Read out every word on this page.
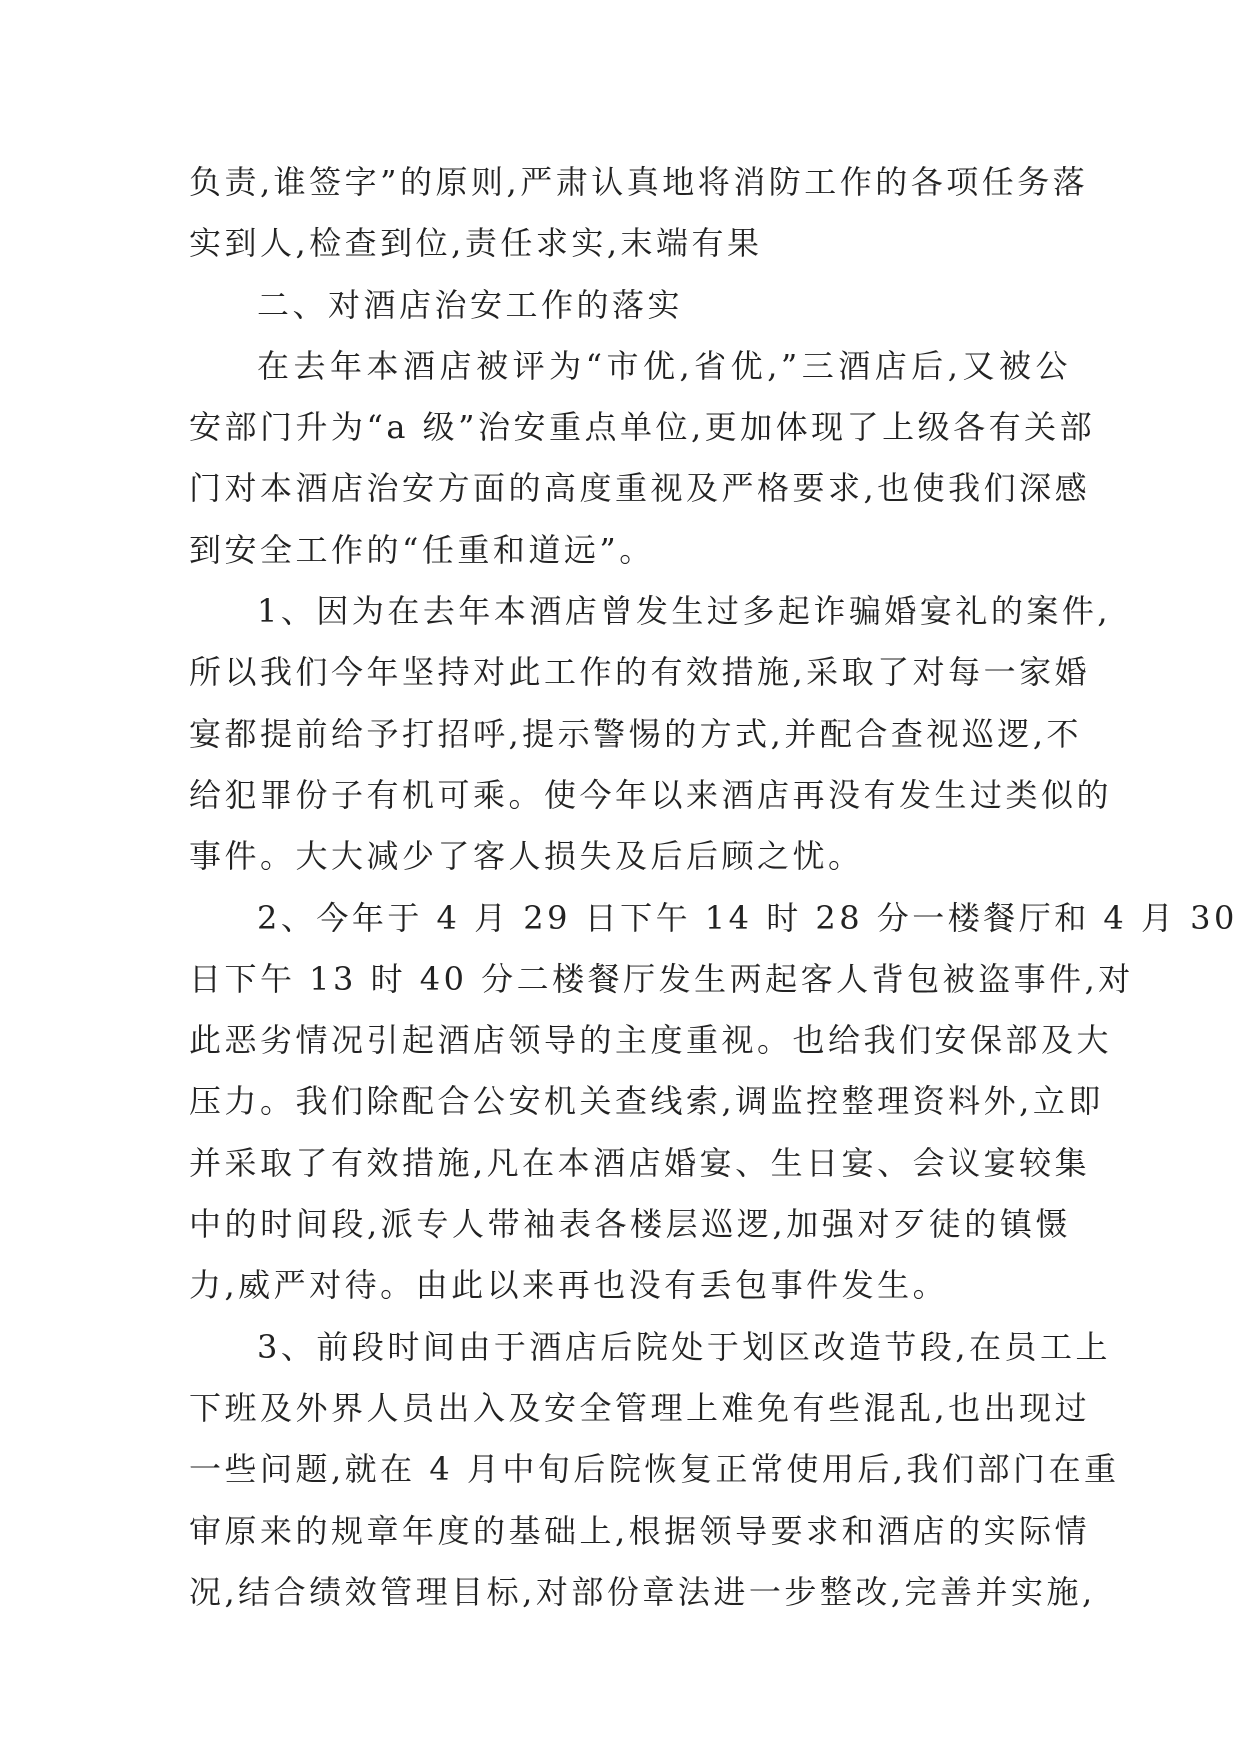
负责,谁签字”的原则,严肃认真地将消防工作的各项任务落
实到人,检查到位,责任求实,末端有果
二、对酒店治安工作的落实
在去年本酒店被评为“市优,省优,”三酒店后,又被公
安部门升为“a 级”治安重点单位,更加体现了上级各有关部
门对本酒店治安方面的高度重视及严格要求,也使我们深感
到安全工作的“任重和道远”。
1、因为在去年本酒店曾发生过多起诈骗婚宴礼的案件,
所以我们今年坚持对此工作的有效措施,采取了对每一家婚
宴都提前给予打招呼,提示警惕的方式,并配合查视巡逻,不
给犯罪份子有机可乘。使今年以来酒店再没有发生过类似的
事件。大大减少了客人损失及后后顾之忧。
2、今年于 4 月 29 日下午 14 时 28 分一楼餐厅和 4 月 30
日下午 13 时 40 分二楼餐厅发生两起客人背包被盗事件,对
此恶劣情况引起酒店领导的主度重视。也给我们安保部及大
压力。我们除配合公安机关查线索,调监控整理资料外,立即
并采取了有效措施,凡在本酒店婚宴、生日宴、会议宴较集
中的时间段,派专人带袖表各楼层巡逻,加强对歹徒的镇慑
力,威严对待。由此以来再也没有丢包事件发生。
3、前段时间由于酒店后院处于划区改造节段,在员工上
下班及外界人员出入及安全管理上难免有些混乱,也出现过
一些问题,就在 4 月中旬后院恢复正常使用后,我们部门在重
审原来的规章年度的基础上,根据领导要求和酒店的实际情
况,结合绩效管理目标,对部份章法进一步整改,完善并实施,
